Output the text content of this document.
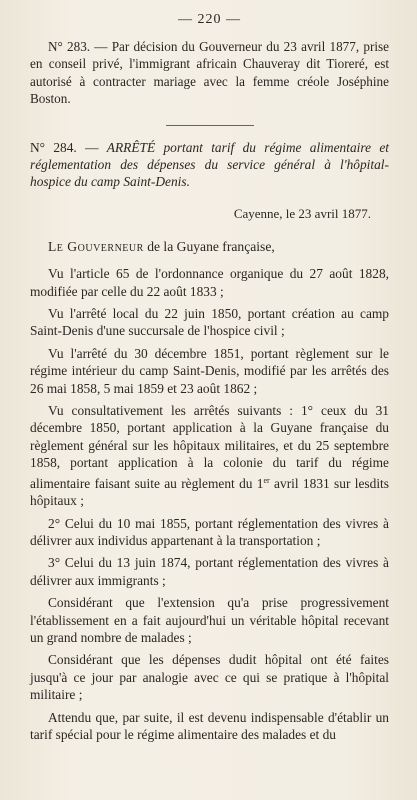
— 220 —

N° 283. — Par décision du Gouverneur du 23 avril 1877, prise en conseil privé, l'immigrant africain Chauveray dit Tioreré, est autorisé à contracter mariage avec la femme créole Joséphine Boston.

N° 284. — ARRÊTÉ portant tarif du régime alimentaire et réglementation des dépenses du service général à l'hôpital-hospice du camp Saint-Denis.

Cayenne, le 23 avril 1877.

Le Gouverneur de la Guyane française,

Vu l'article 65 de l'ordonnance organique du 27 août 1828, modifiée par celle du 22 août 1833 ;

Vu l'arrêté local du 22 juin 1850, portant création au camp Saint-Denis d'une succursale de l'hospice civil ;

Vu l'arrêté du 30 décembre 1851, portant règlement sur le régime intérieur du camp Saint-Denis, modifié par les arrêtés des 26 mai 1858, 5 mai 1859 et 23 août 1862 ;

Vu consultativement les arrêtés suivants : 1° ceux du 31 décembre 1850, portant application à la Guyane française du règlement général sur les hôpitaux militaires, et du 25 septembre 1858, portant application à la colonie du tarif du régime alimentaire faisant suite au règlement du 1er avril 1831 sur lesdits hôpitaux ;

2° Celui du 10 mai 1855, portant réglementation des vivres à délivrer aux individus appartenant à la transportation ;

3° Celui du 13 juin 1874, portant réglementation des vivres à délivrer aux immigrants ;

Considérant que l'extension qu'a prise progressivement l'établissement en a fait aujourd'hui un véritable hôpital recevant un grand nombre de malades ;

Considérant que les dépenses dudit hôpital ont été faites jusqu'à ce jour par analogie avec ce qui se pratique à l'hôpital militaire ;

Attendu que, par suite, il est devenu indispensable d'établir un tarif spécial pour le régime alimentaire des malades et du
